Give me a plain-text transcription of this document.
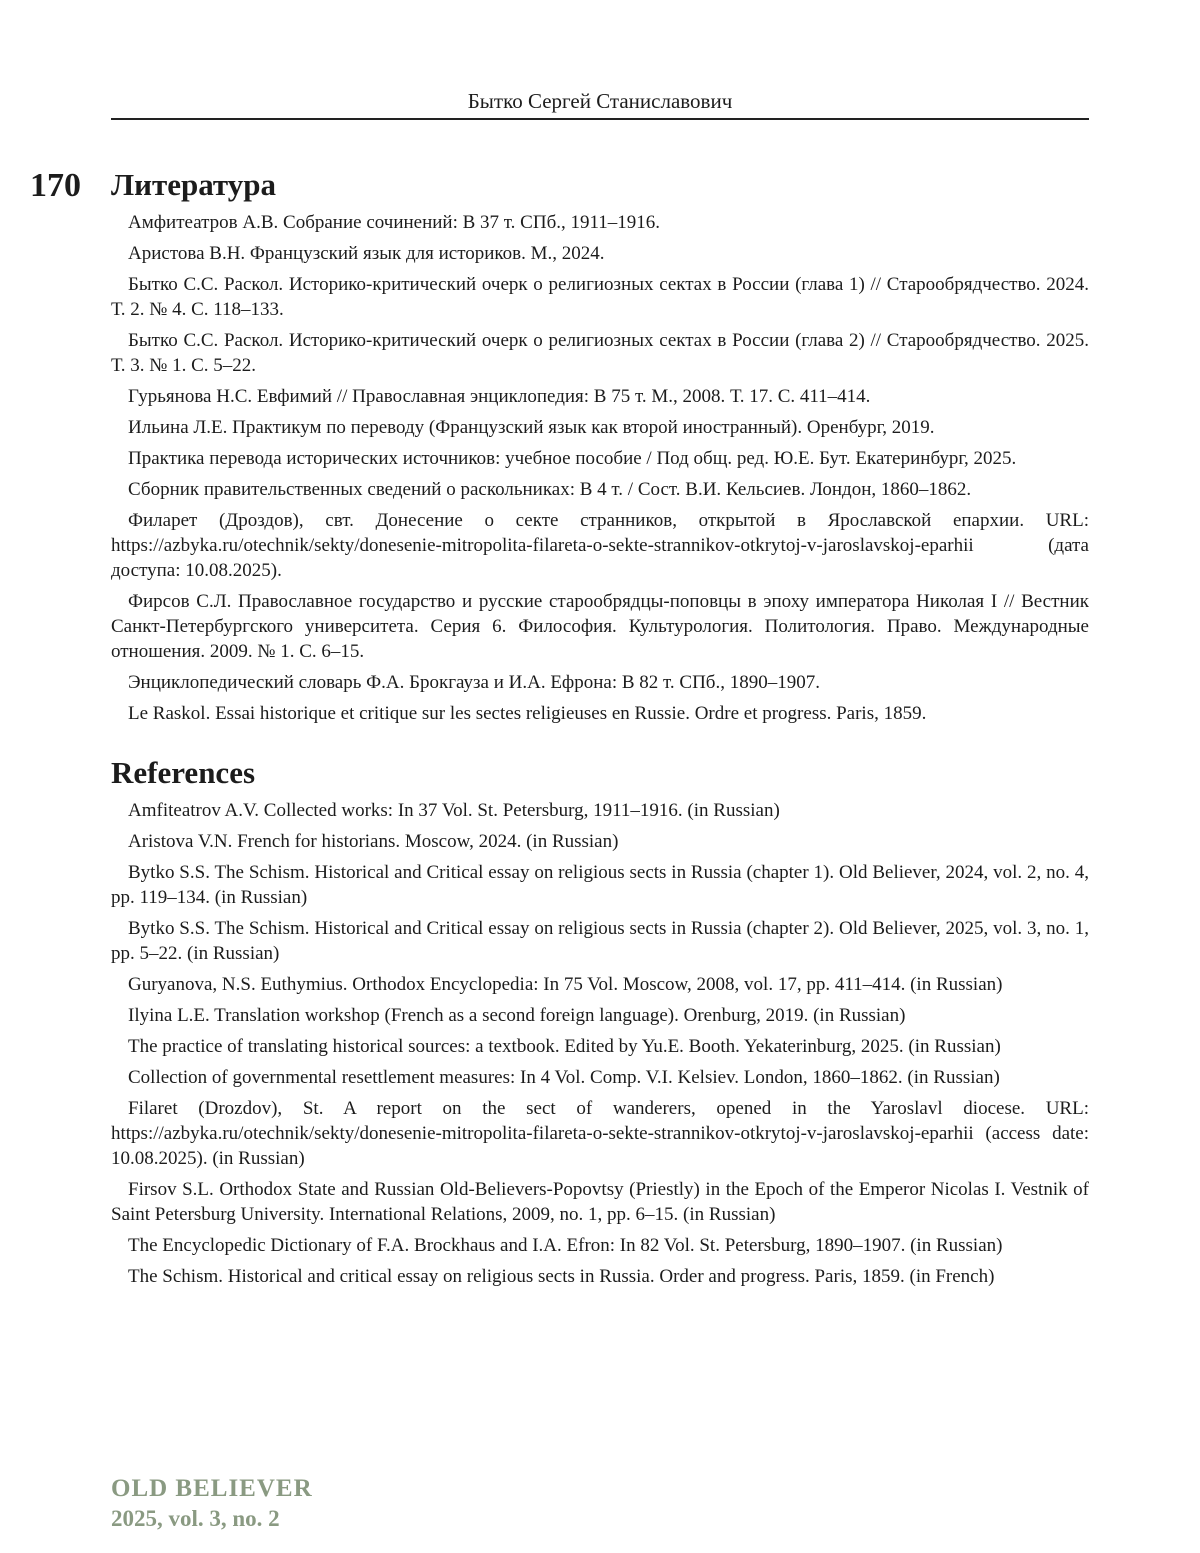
Бытко Сергей Станиславович
170 Литература
Амфитеатров А.В. Собрание сочинений: В 37 т. СПб., 1911–1916.
Аристова В.Н. Французский язык для историков. М., 2024.
Бытко С.С. Раскол. Историко-критический очерк о религиозных сектах в России (глава 1) // Старообрядчество. 2024. Т. 2. № 4. С. 118–133.
Бытко С.С. Раскол. Историко-критический очерк о религиозных сектах в России (глава 2) // Старообрядчество. 2025. Т. 3. № 1. С. 5–22.
Гурьянова Н.С. Евфимий // Православная энциклопедия: В 75 т. М., 2008. Т. 17. С. 411–414.
Ильина Л.Е. Практикум по переводу (Французский язык как второй иностранный). Оренбург, 2019.
Практика перевода исторических источников: учебное пособие / Под общ. ред. Ю.Е. Бут. Екатеринбург, 2025.
Сборник правительственных сведений о раскольниках: В 4 т. / Сост. В.И. Кельсиев. Лондон, 1860–1862.
Филарет (Дроздов), свт. Донесение о секте странников, открытой в Ярославской епархии. URL: https://azbyka.ru/otechnik/sekty/donesenie-mitropolita-filareta-o-sekte-strannikov-otkrytoj-v-jaroslavskoj-eparhii (дата доступа: 10.08.2025).
Фирсов С.Л. Православное государство и русские старообрядцы-поповцы в эпоху императора Николая I // Вестник Санкт-Петербургского университета. Серия 6. Философия. Культурология. Политология. Право. Международные отношения. 2009. № 1. С. 6–15.
Энциклопедический словарь Ф.А. Брокгауза и И.А. Ефрона: В 82 т. СПб., 1890–1907.
Le Raskol. Essai historique et critique sur les sectes religieuses en Russie. Ordre et progress. Paris, 1859.
References
Amfiteatrov A.V. Collected works: In 37 Vol. St. Petersburg, 1911–1916. (in Russian)
Aristova V.N. French for historians. Moscow, 2024. (in Russian)
Bytko S.S. The Schism. Historical and Critical essay on religious sects in Russia (chapter 1). Old Believer, 2024, vol. 2, no. 4, pp. 119–134. (in Russian)
Bytko S.S. The Schism. Historical and Critical essay on religious sects in Russia (chapter 2). Old Believer, 2025, vol. 3, no. 1, pp. 5–22. (in Russian)
Guryanova, N.S. Euthymius. Orthodox Encyclopedia: In 75 Vol. Moscow, 2008, vol. 17, pp. 411–414. (in Russian)
Ilyina L.E. Translation workshop (French as a second foreign language). Orenburg, 2019. (in Russian)
The practice of translating historical sources: a textbook. Edited by Yu.E. Booth. Yekaterinburg, 2025. (in Russian)
Collection of governmental resettlement measures: In 4 Vol. Comp. V.I. Kelsiev. London, 1860–1862. (in Russian)
Filaret (Drozdov), St. A report on the sect of wanderers, opened in the Yaroslavl diocese. URL: https://azbyka.ru/otechnik/sekty/donesenie-mitropolita-filareta-o-sekte-strannikov-otkrytoj-v-jaroslavskoj-eparhii (access date: 10.08.2025). (in Russian)
Firsov S.L. Orthodox State and Russian Old-Believers-Popovtsy (Priestly) in the Epoch of the Emperor Nicolas I. Vestnik of Saint Petersburg University. International Relations, 2009, no. 1, pp. 6–15. (in Russian)
The Encyclopedic Dictionary of F.A. Brockhaus and I.A. Efron: In 82 Vol. St. Petersburg, 1890–1907. (in Russian)
The Schism. Historical and critical essay on religious sects in Russia. Order and progress. Paris, 1859. (in French)
OLD BELIEVER
2025, vol. 3, no. 2
